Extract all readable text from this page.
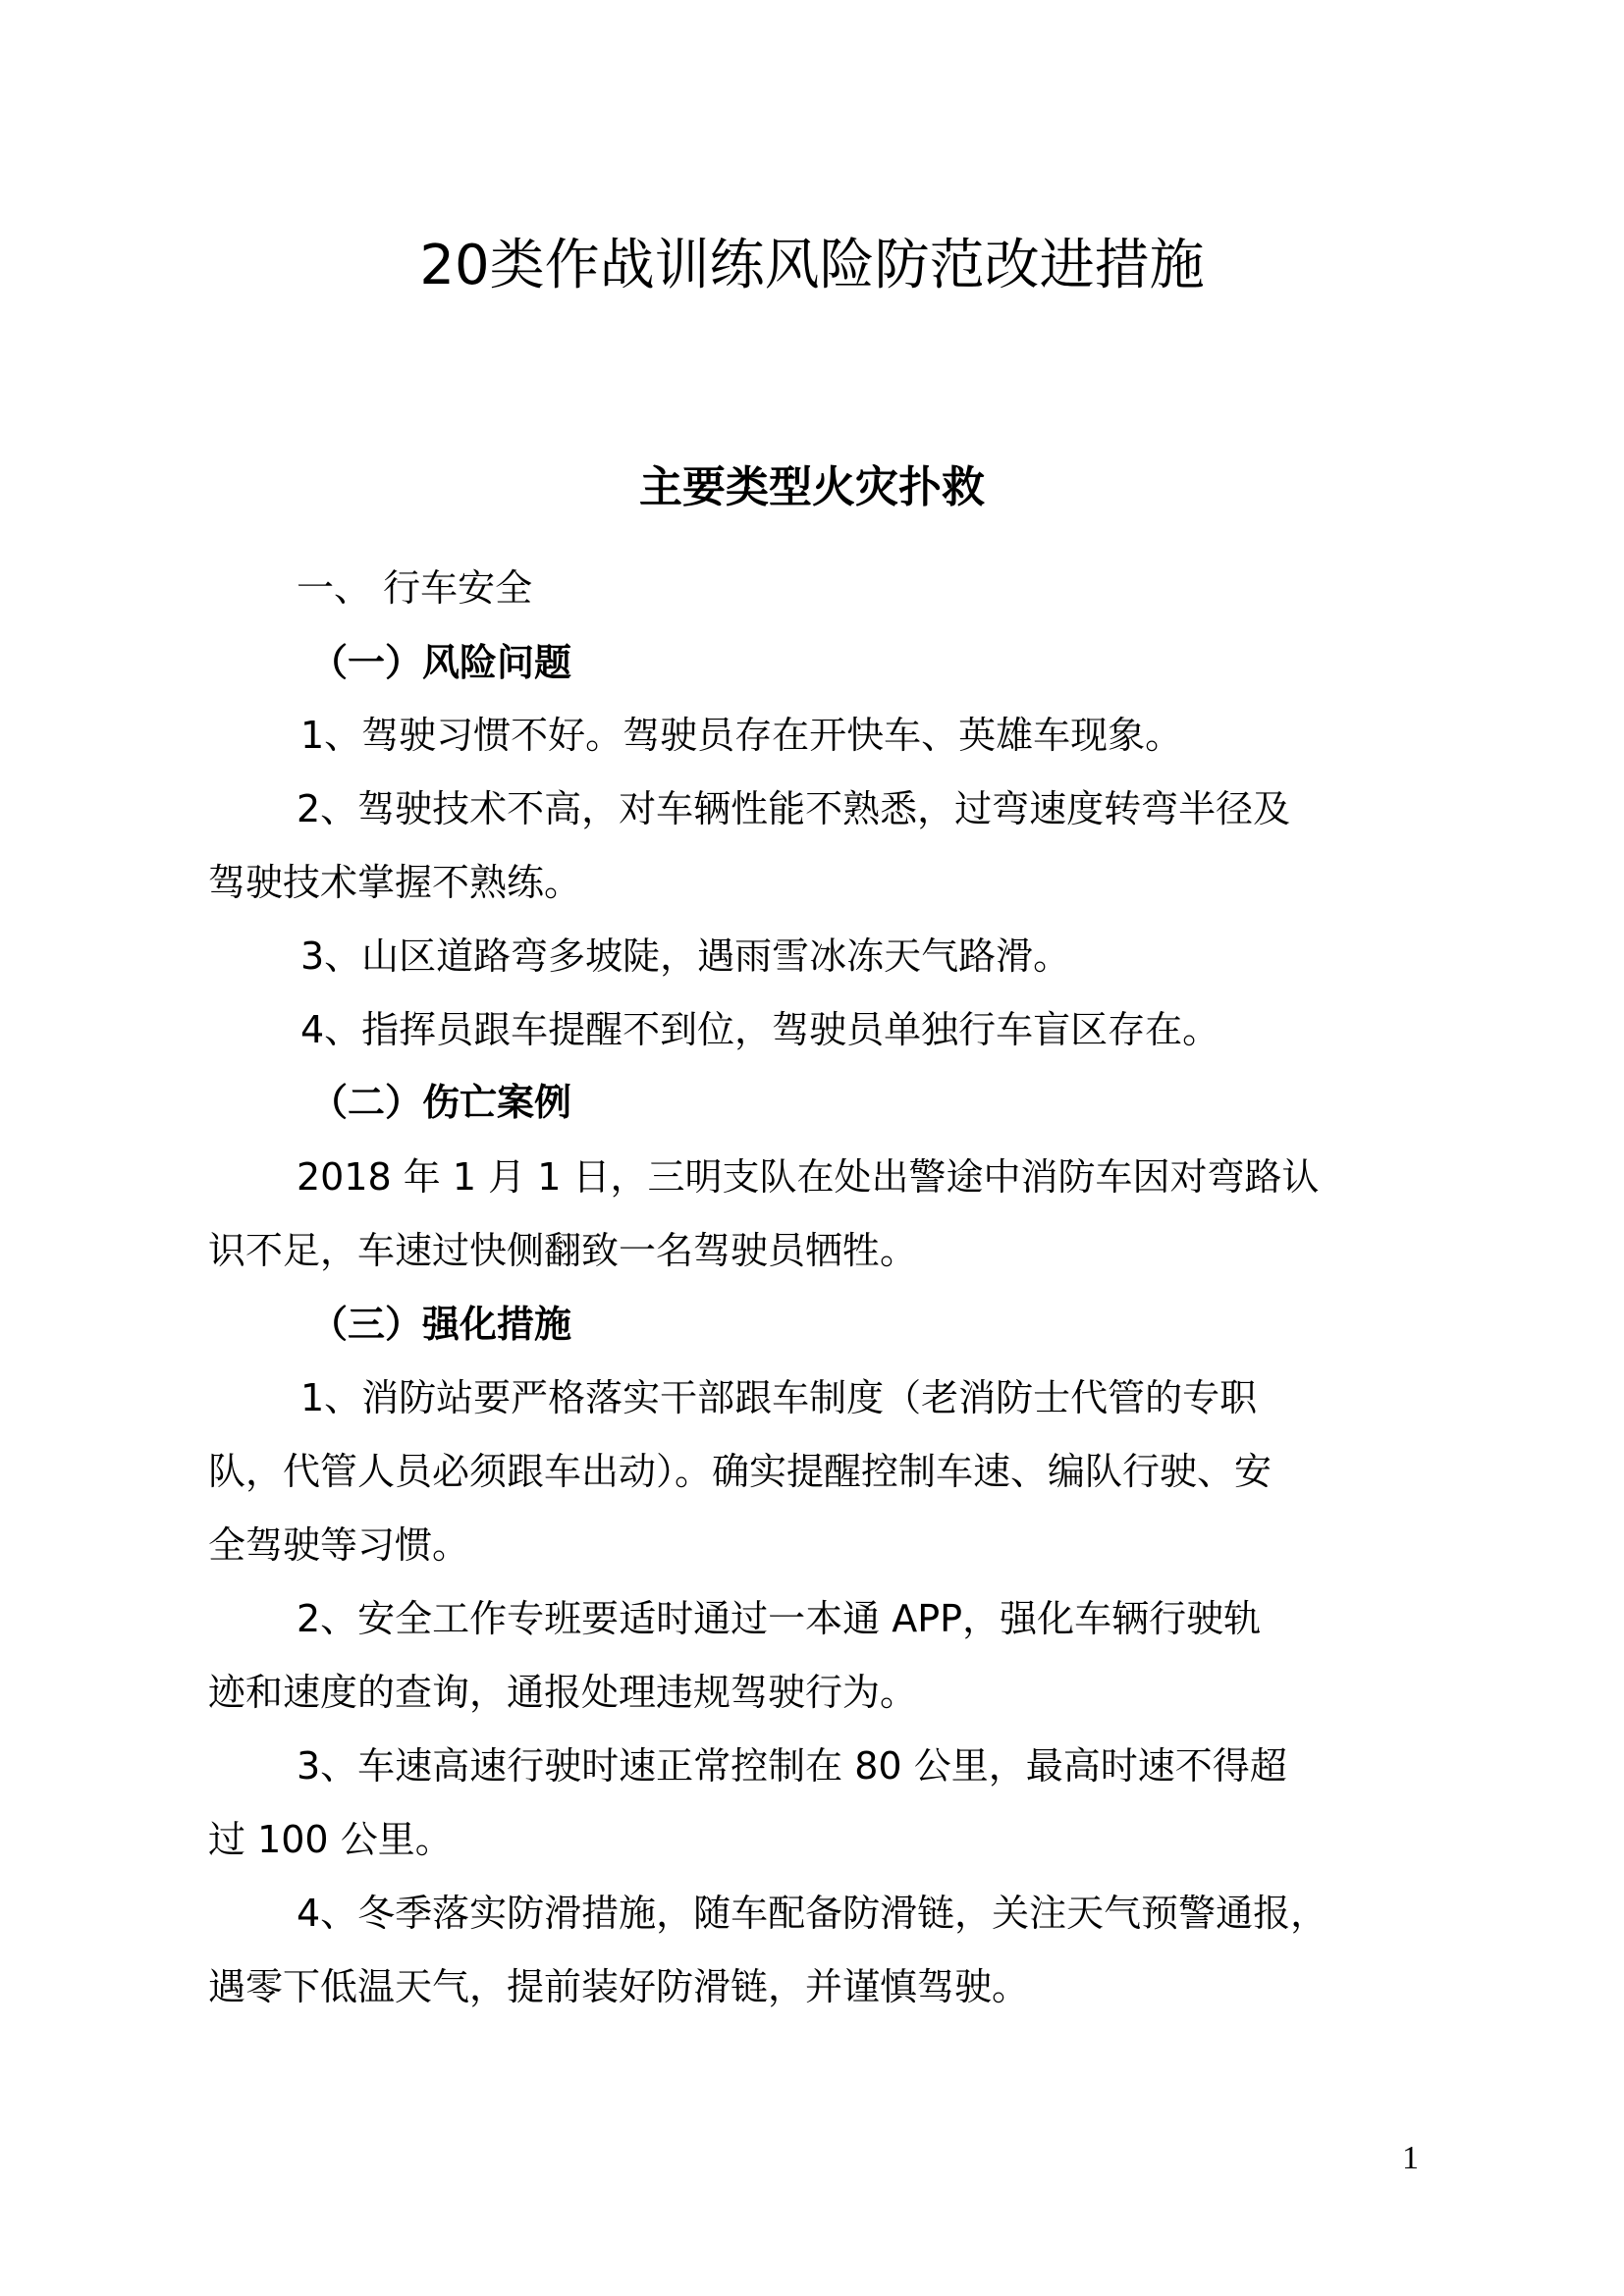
20类作战训练风险防范改进措施
主要类型火灾扑救
一、 行车安全
（一）风险问题
1、驾驶习惯不好。驾驶员存在开快车、英雄车现象。
2、驾驶技术不高，对车辆性能不熟悉，过弯速度转弯半径及
驾驶技术掌握不熟练。
3、山区道路弯多坡陡，遇雨雪冰冻天气路滑。
4、指挥员跟车提醒不到位，驾驶员单独行车盲区存在。
（二）伤亡案例
2018 年 1 月 1 日，三明支队在处出警途中消防车因对弯路认
识不足，车速过快侧翻致一名驾驶员牺牲。
（三）强化措施
1、消防站要严格落实干部跟车制度（老消防士代管的专职
队，代管人员必须跟车出动）。确实提醒控制车速、编队行驶、安
全驾驶等习惯。
2、安全工作专班要适时通过一本通 APP，强化车辆行驶轨
迹和速度的查询，通报处理违规驾驶行为。
3、车速高速行驶时速正常控制在 80 公里，最高时速不得超
过 100 公里。
4、冬季落实防滑措施，随车配备防滑链，关注天气预警通报，
遇零下低温天气，提前装好防滑链，并谨慎驾驶。
1
